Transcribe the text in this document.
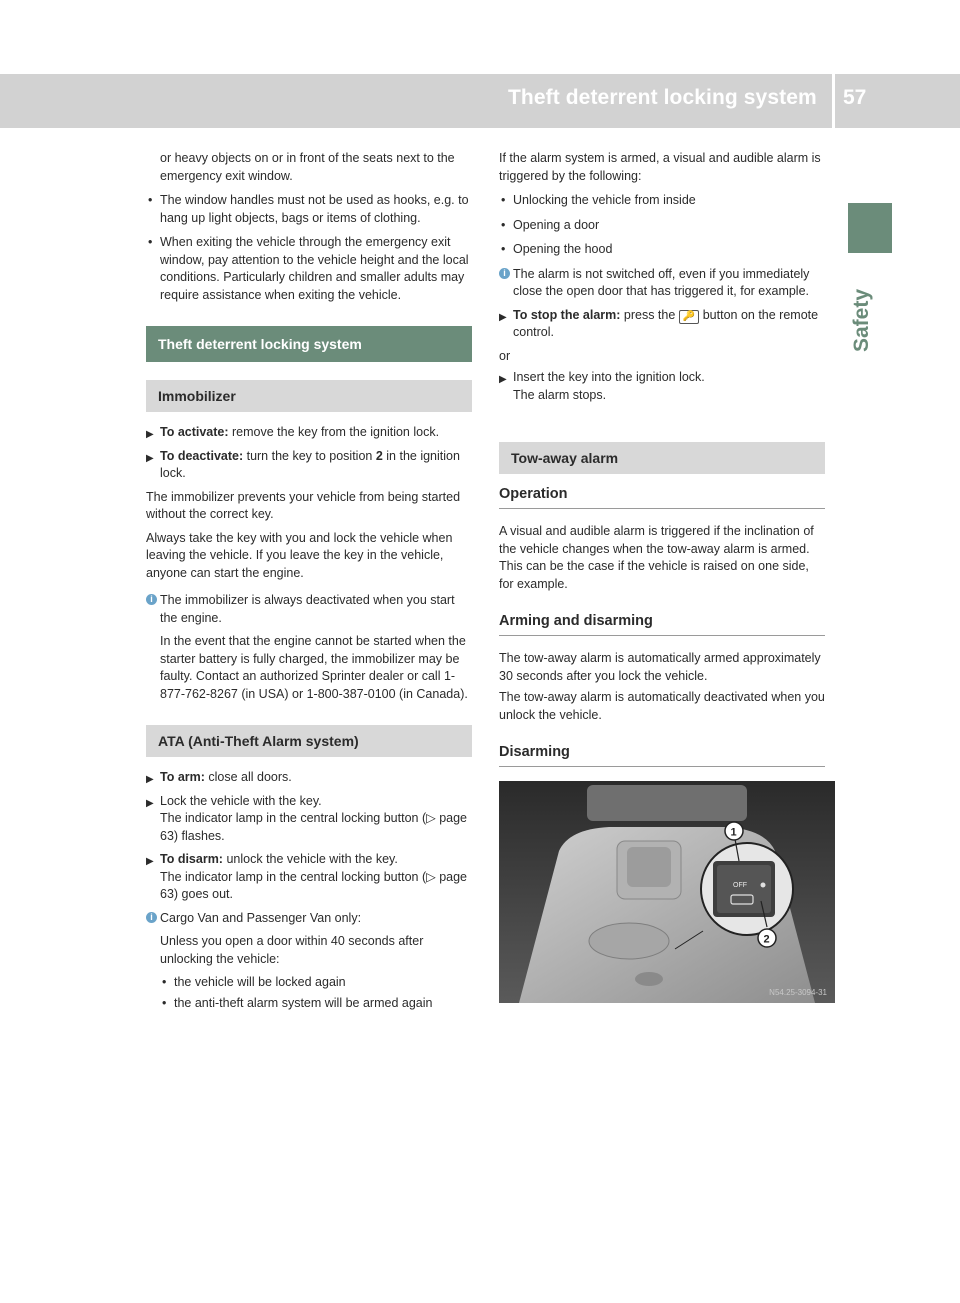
Theft deterrent locking system 57
Safety

or heavy objects on or in front of the seats next to the emergency exit window.

• The window handles must not be used as hooks, e.g. to hang up light objects, bags or items of clothing.
• When exiting the vehicle through the emergency exit window, pay attention to the vehicle height and the local conditions. Particularly children and smaller adults may require assistance when exiting the vehicle.
Theft deterrent locking system
Immobilizer
▶ To activate: remove the key from the ignition lock.
▶ To deactivate: turn the key to position 2 in the ignition lock.

The immobilizer prevents your vehicle from being started without the correct key.

Always take the key with you and lock the vehicle when leaving the vehicle. If you leave the key in the vehicle, anyone can start the engine.

i The immobilizer is always deactivated when you start the engine.

In the event that the engine cannot be started when the starter battery is fully charged, the immobilizer may be faulty. Contact an authorized Sprinter dealer or call 1-877-762-8267 (in USA) or 1-800-387-0100 (in Canada).

ATA (Anti-Theft Alarm system)
▶ To arm: close all doors.
▶ Lock the vehicle with the key.
The indicator lamp in the central locking button (▷ page 63) flashes.
▶ To disarm: unlock the vehicle with the key.
The indicator lamp in the central locking button (▷ page 63) goes out.
i Cargo Van and Passenger Van only:

Unless you open a door within 40 seconds after unlocking the vehicle:

• the vehicle will be locked again
• the anti-theft alarm system will be armed again

If the alarm system is armed, a visual and audible alarm is triggered by the following:

• Unlocking the vehicle from inside
• Opening a door
• Opening the hood
i The alarm is not switched off, even if you immediately close the open door that has triggered it, for example.
▶ To stop the alarm: press the 🔑 button on the remote control.

or

▶ Insert the key into the ignition lock.
The alarm stops.
Tow-away alarm
Operation

A visual and audible alarm is triggered if the inclination of the vehicle changes when the tow-away alarm is armed. This can be the case if the vehicle is raised on one side, for example.

Arming and disarming

The tow-away alarm is automatically armed approximately 30 seconds after you lock the vehicle.

The tow-away alarm is automatically deactivated when you unlock the vehicle.

Disarming
OFF
1
2
N54.25-3094-31
